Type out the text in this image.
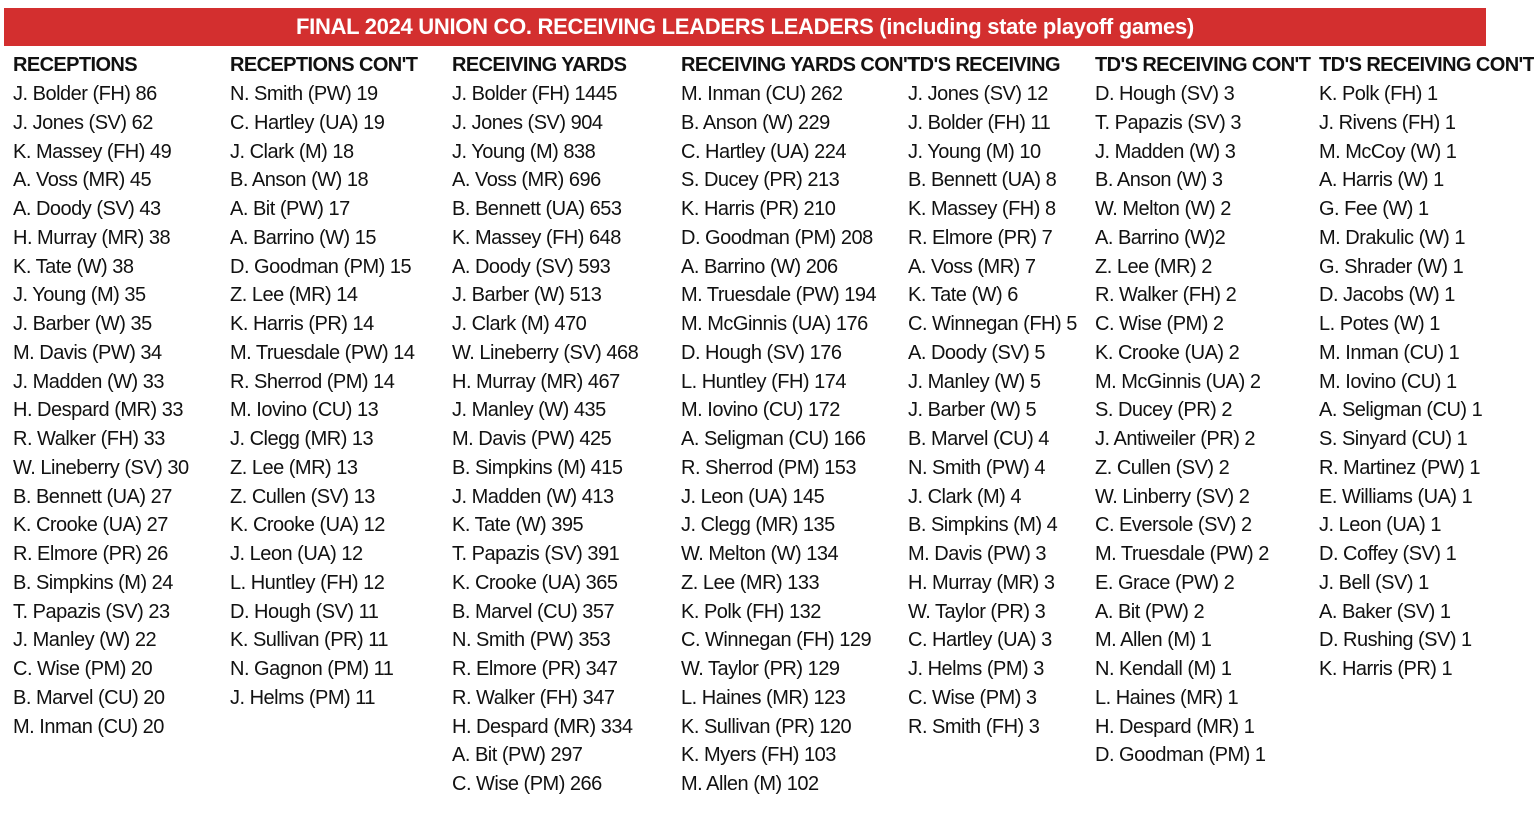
FINAL 2024 UNION CO. RECEIVING LEADERS LEADERS (including state playoff games)
RECEPTIONS
J. Bolder (FH) 86
J. Jones (SV) 62
K. Massey (FH) 49
A. Voss (MR) 45
A. Doody (SV) 43
H. Murray (MR) 38
K. Tate (W) 38
J. Young (M) 35
J. Barber (W) 35
M. Davis (PW) 34
J. Madden (W) 33
H. Despard (MR) 33
R. Walker (FH) 33
W. Lineberry (SV) 30
B. Bennett (UA) 27
K. Crooke (UA) 27
R. Elmore (PR) 26
B. Simpkins (M) 24
T. Papazis (SV) 23
J. Manley (W) 22
C. Wise (PM) 20
B. Marvel (CU) 20
M. Inman (CU) 20
RECEPTIONS CON'T
N. Smith (PW) 19
C. Hartley (UA) 19
J. Clark (M) 18
B. Anson (W) 18
A. Bit (PW) 17
A. Barrino (W) 15
D. Goodman (PM) 15
Z. Lee (MR) 14
K. Harris (PR) 14
M. Truesdale (PW) 14
R. Sherrod (PM) 14
M. Iovino (CU) 13
J. Clegg (MR) 13
Z. Lee (MR) 13
Z. Cullen (SV) 13
K. Crooke (UA) 12
J. Leon (UA) 12
L. Huntley (FH) 12
D. Hough (SV) 11
K. Sullivan (PR) 11
N. Gagnon (PM) 11
J. Helms (PM) 11
RECEIVING YARDS
J. Bolder (FH) 1445
J. Jones (SV) 904
J. Young (M) 838
A. Voss (MR) 696
B. Bennett (UA) 653
K. Massey (FH) 648
A. Doody (SV) 593
J. Barber (W) 513
J. Clark (M) 470
W. Lineberry (SV) 468
H. Murray (MR) 467
J. Manley (W) 435
M. Davis (PW) 425
B. Simpkins (M) 415
J. Madden (W) 413
K. Tate (W) 395
T. Papazis (SV) 391
K. Crooke (UA) 365
B. Marvel (CU) 357
N. Smith (PW) 353
R. Elmore (PR) 347
R. Walker (FH) 347
H. Despard (MR) 334
A. Bit (PW) 297
C. Wise (PM) 266
RECEIVING YARDS CON'T
M. Inman (CU) 262
B. Anson (W) 229
C. Hartley (UA) 224
S. Ducey (PR) 213
K. Harris (PR) 210
D. Goodman (PM) 208
A. Barrino (W) 206
M. Truesdale (PW) 194
M. McGinnis (UA) 176
D. Hough (SV) 176
L. Huntley (FH) 174
M. Iovino (CU) 172
A. Seligman (CU) 166
R. Sherrod (PM) 153
J. Leon (UA) 145
J. Clegg (MR) 135
W. Melton (W) 134
Z. Lee (MR) 133
K. Polk (FH) 132
C. Winnegan (FH) 129
W. Taylor (PR) 129
L. Haines (MR) 123
K. Sullivan (PR) 120
K. Myers (FH) 103
M. Allen (M) 102
TD'S RECEIVING
J. Jones (SV) 12
J. Bolder (FH) 11
J. Young (M) 10
B. Bennett (UA) 8
K. Massey (FH) 8
R. Elmore (PR) 7
A. Voss (MR) 7
K. Tate (W) 6
C. Winnegan (FH) 5
A. Doody (SV) 5
J. Manley (W) 5
J. Barber (W) 5
B. Marvel (CU) 4
N. Smith (PW) 4
J. Clark (M) 4
B. Simpkins (M) 4
M. Davis (PW) 3
H. Murray (MR) 3
W. Taylor (PR) 3
C. Hartley (UA) 3
J. Helms (PM) 3
C. Wise (PM) 3
R. Smith (FH) 3
TD'S RECEIVING CON'T
D. Hough (SV) 3
T. Papazis (SV) 3
J. Madden (W) 3
B. Anson (W) 3
W. Melton (W) 2
A. Barrino (W)2
Z. Lee (MR) 2
R. Walker (FH) 2
C. Wise (PM) 2
K. Crooke (UA) 2
M. McGinnis (UA) 2
S. Ducey (PR) 2
J. Antiweiler (PR) 2
Z. Cullen (SV) 2
W. Linberry (SV) 2
C. Eversole (SV) 2
M. Truesdale (PW) 2
E. Grace (PW) 2
A. Bit (PW) 2
M. Allen (M) 1
N. Kendall (M) 1
L. Haines (MR) 1
H. Despard (MR) 1
D. Goodman (PM) 1
TD'S RECEIVING CON'T
K. Polk (FH) 1
J. Rivens (FH) 1
M. McCoy (W) 1
A. Harris (W) 1
G. Fee (W) 1
M. Drakulic (W) 1
G. Shrader (W) 1
D. Jacobs (W) 1
L. Potes (W) 1
M. Inman (CU) 1
M. Iovino (CU) 1
A. Seligman (CU) 1
S. Sinyard (CU) 1
R. Martinez (PW) 1
E. Williams (UA) 1
J. Leon (UA) 1
D. Coffey (SV) 1
J. Bell (SV) 1
A. Baker (SV) 1
D. Rushing (SV) 1
K. Harris (PR) 1
